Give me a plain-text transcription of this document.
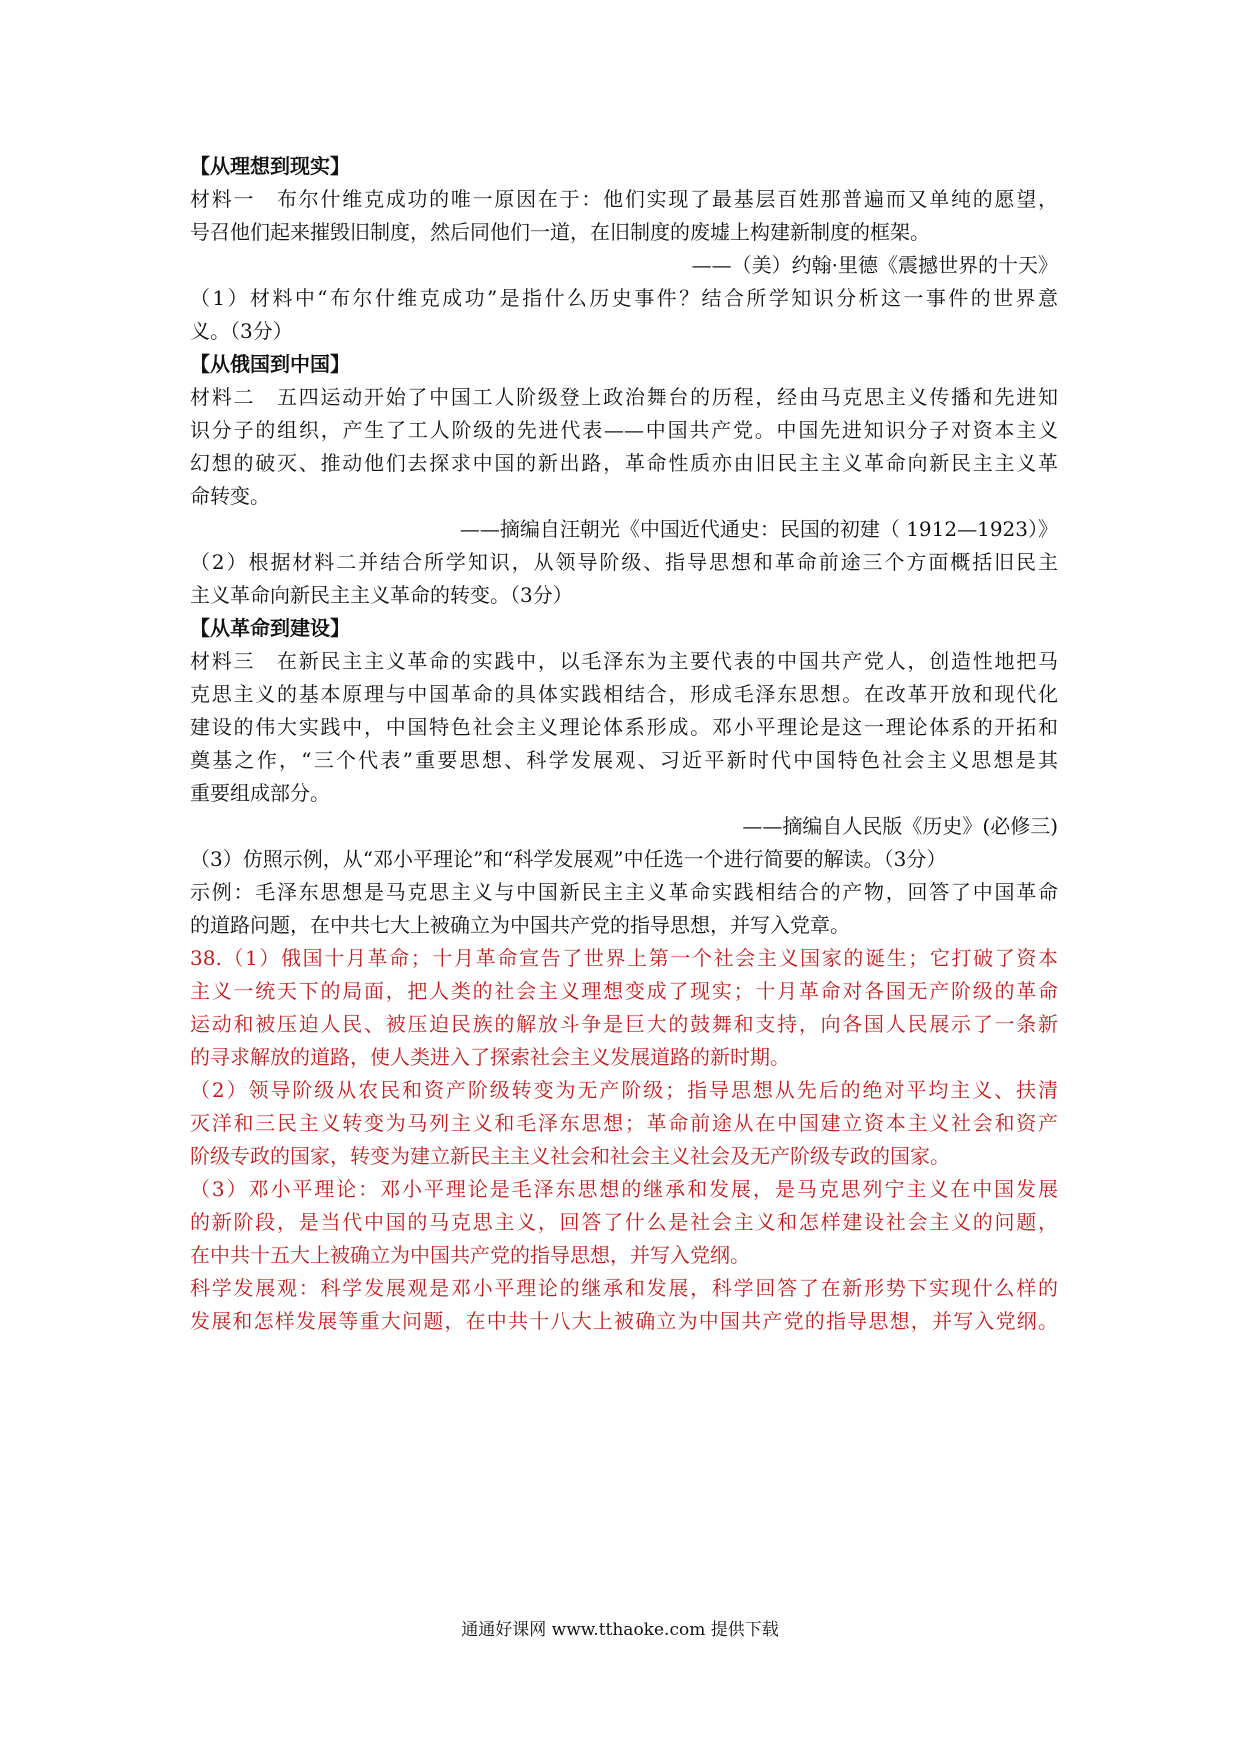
【从理想到现实】
材料一　布尔什维克成功的唯一原因在于：他们实现了最基层百姓那普遍而又单纯的愿望，
号召他们起来摧毁旧制度，然后同他们一道，在旧制度的废墟上构建新制度的框架。
——（美）约翰·里德《震撼世界的十天》
（1）材料中“布尔什维克成功”是指什么历史事件？结合所学知识分析这一事件的世界意
义。（3分）
【从俄国到中国】
材料二　五四运动开始了中国工人阶级登上政治舞台的历程，经由马克思主义传播和先进知
识分子的组织，产生了工人阶级的先进代表——中国共产党。中国先进知识分子对资本主义
幻想的破灭、推动他们去探求中国的新出路，革命性质亦由旧民主主义革命向新民主主义革
命转变。
——摘编自汪朝光《中国近代通史：民国的初建（ 1912—1923）》
（2）根据材料二并结合所学知识，从领导阶级、指导思想和革命前途三个方面概括旧民主
主义革命向新民主主义革命的转变。（3分）
【从革命到建设】
材料三　在新民主主义革命的实践中，以毛泽东为主要代表的中国共产党人，创造性地把马
克思主义的基本原理与中国革命的具体实践相结合，形成毛泽东思想。在改革开放和现代化
建设的伟大实践中，中国特色社会主义理论体系形成。邓小平理论是这一理论体系的开拓和
奠基之作，“三个代表”重要思想、科学发展观、习近平新时代中国特色社会主义思想是其
重要组成部分。
——摘编自人民版《历史》(必修三)
（3）仿照示例，从“邓小平理论”和“科学发展观”中任选一个进行简要的解读。（3分）
示例：毛泽东思想是马克思主义与中国新民主主义革命实践相结合的产物，回答了中国革命
的道路问题，在中共七大上被确立为中国共产党的指导思想，并写入党章。
38.（1）俄国十月革命；十月革命宣告了世界上第一个社会主义国家的诞生；它打破了资本
主义一统天下的局面，把人类的社会主义理想变成了现实；十月革命对各国无产阶级的革命
运动和被压迫人民、被压迫民族的解放斗争是巨大的鼓舞和支持，向各国人民展示了一条新
的寻求解放的道路，使人类进入了探索社会主义发展道路的新时期。
（2）领导阶级从农民和资产阶级转变为无产阶级；指导思想从先后的绝对平均主义、扶清
灭洋和三民主义转变为马列主义和毛泽东思想；革命前途从在中国建立资本主义社会和资产
阶级专政的国家，转变为建立新民主主义社会和社会主义社会及无产阶级专政的国家。
（3）邓小平理论：邓小平理论是毛泽东思想的继承和发展，是马克思列宁主义在中国发展
的新阶段，是当代中国的马克思主义，回答了什么是社会主义和怎样建设社会主义的问题，
在中共十五大上被确立为中国共产党的指导思想，并写入党纲。
科学发展观：科学发展观是邓小平理论的继承和发展，科学回答了在新形势下实现什么样的
发展和怎样发展等重大问题，在中共十八大上被确立为中国共产党的指导思想，并写入党纲。
通通好课网 www.tthaoke.com 提供下载
